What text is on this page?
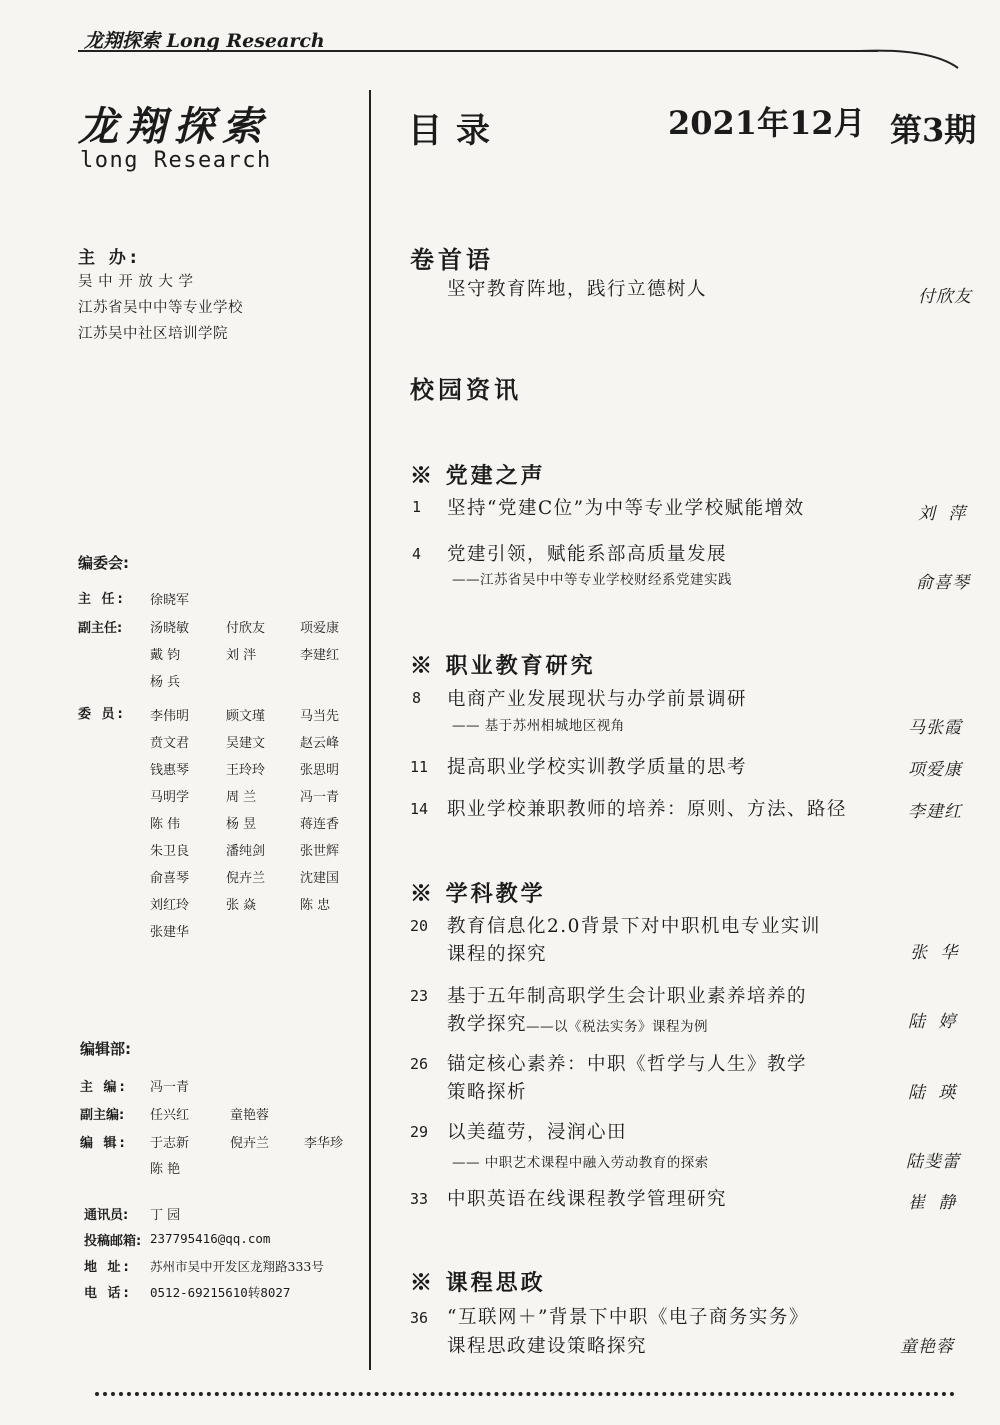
龙翔探索 Long Research
龙翔探索
long Research
主 办:
吴 中 开 放 大 学
江苏省吴中中等专业学校
江苏吴中社区培训学院
编委会:
主 任: 徐晓军
副主任: 汤晓敏	付欣友	项爱康
戴 钧	刘 泮	李建红
杨 兵
委 员: 李伟明	顾文瑾	马当先
贲文君	吴建文	赵云峰
钱惠琴	王玲玲	张思明
马明学	周 兰	冯一青
陈 伟	杨 昱	蒋连香
朱卫良	潘纯剑	张世辉
俞喜琴	倪卉兰	沈建国
刘红玲	张 焱	陈 忠
张建华
编辑部:
主 编: 冯一青
副主编: 任兴红	童艳蓉
编 辑: 于志新	倪卉兰	李华珍
陈 艳
通讯员: 丁 园
投稿邮箱: 237795416@qq.com
地 址: 苏州市吴中开发区龙翔路333号
电 话: 0512-69215610转8027
目录	2021年12月 第3期
卷首语
坚守教育阵地，践行立德树人	付欣友
校园资讯
※ 党建之声
1 坚持“党建C位”为中等专业学校赋能增效	刘 萍
4 党建引领，赋能系部高质量发展
——江苏省吴中中等专业学校财经系党建实践	俞喜琴
※ 职业教育研究
8 电商产业发展现状与办学前景调研
—— 基于苏州相城地区视角	马张霞
11 提高职业学校实训教学质量的思考	项爱康
14 职业学校兼职教师的培养：原则、方法、路径	李建红
※ 学科教学
20 教育信息化2.0背景下对中职机电专业实训
课程的探究	张 华
23 基于五年制高职学生会计职业素养培养的
教学探究
——以《税法实务》课程为例	陆 婷
26 锚定核心素养：中职《哲学与人生》教学
策略探析	陆 瑛
29 以美蕴劳，浸润心田
—— 中职艺术课程中融入劳动教育的探索	陆斐蕾
33 中职英语在线课程教学管理研究	崔 静
※ 课程思政
36 “互联网＋”背景下中职《电子商务实务》
课程思政建设策略探究	童艳蓉
